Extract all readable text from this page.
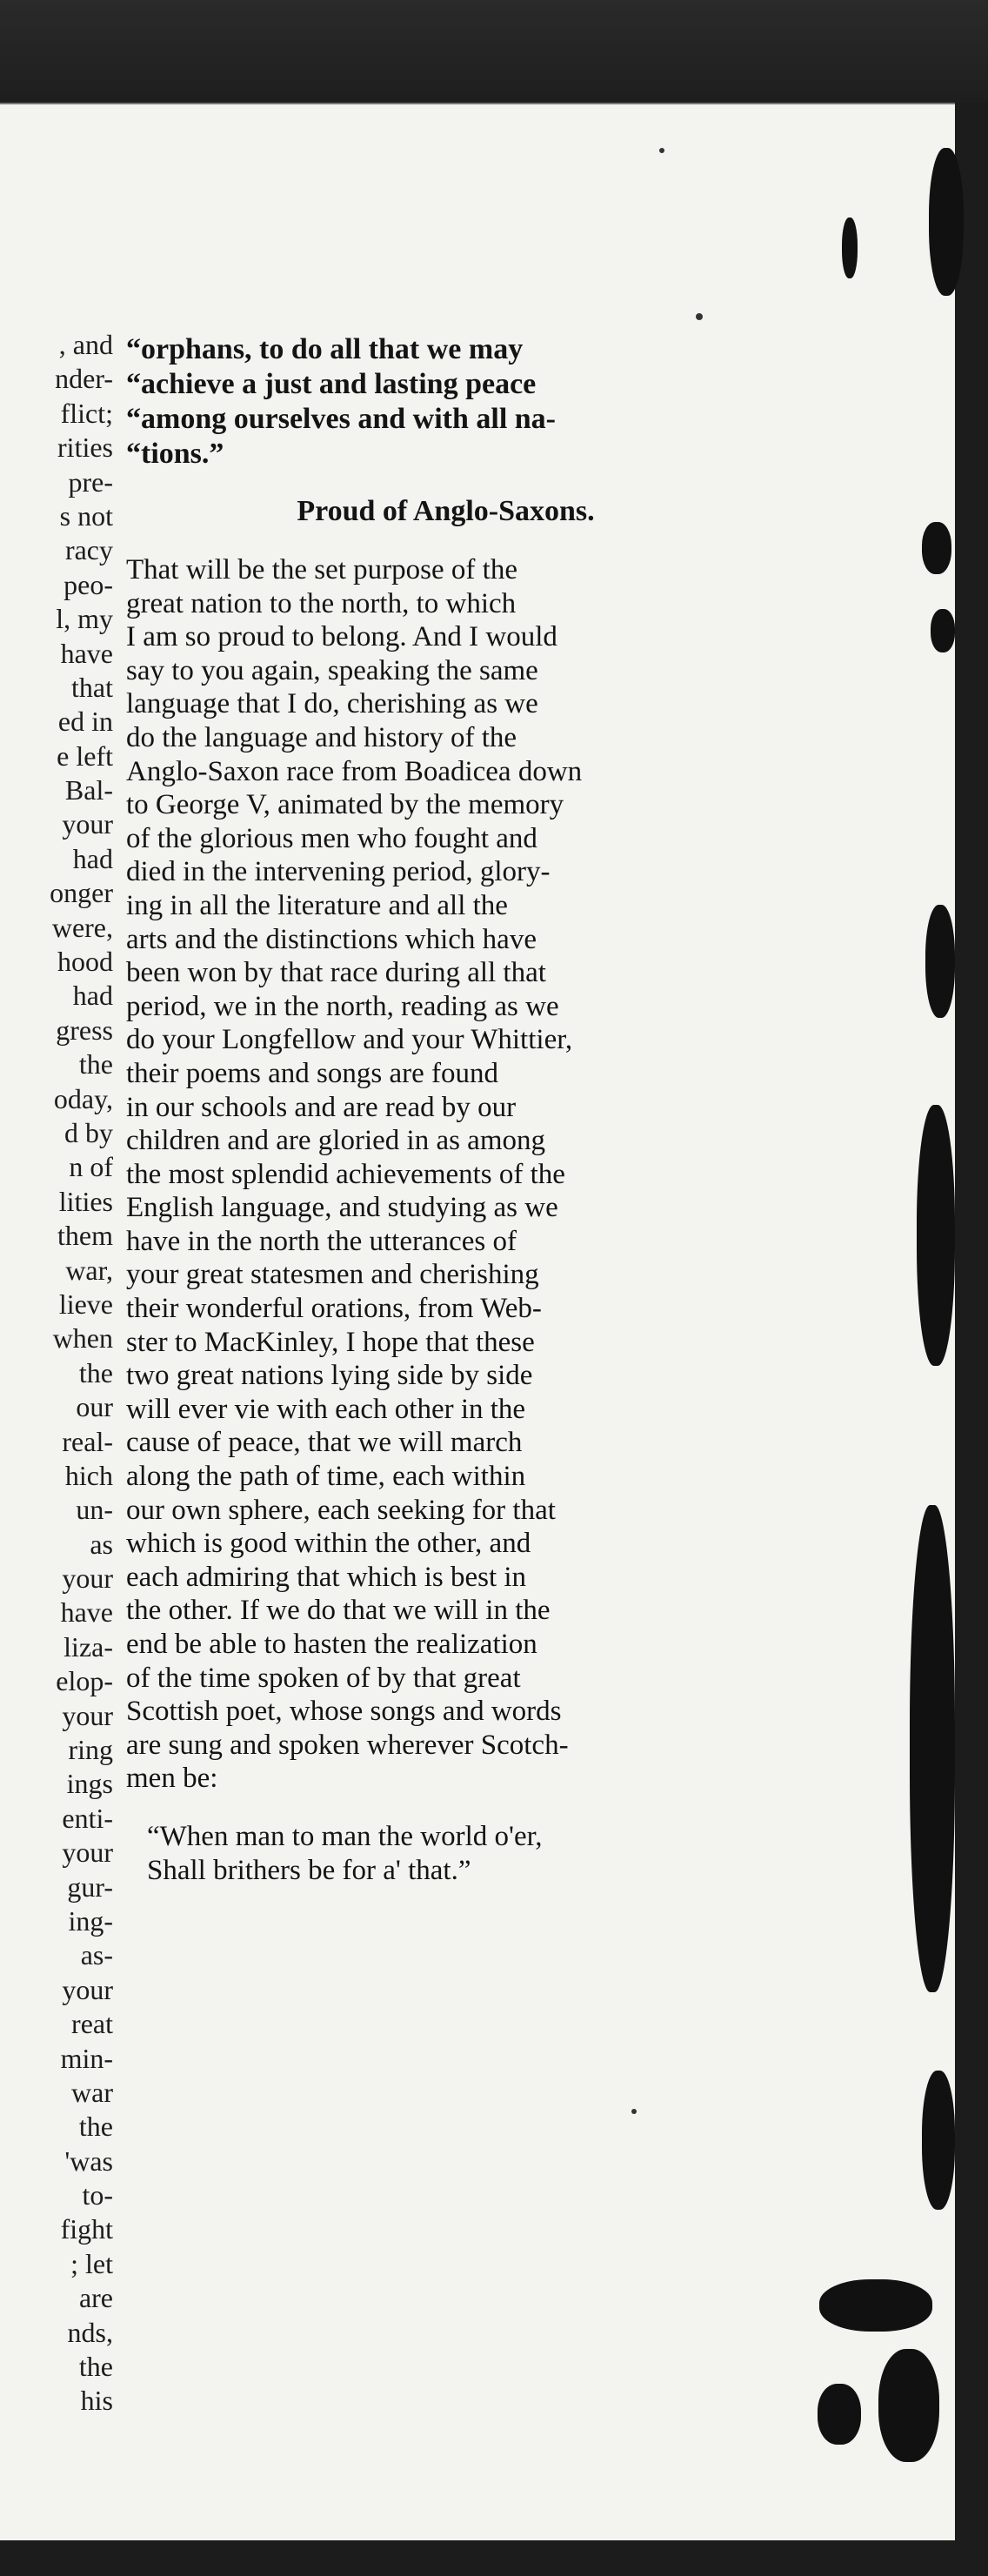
, and
nder-
flict;
rities
pre-
s not
racy
peo-
l, my
have
that
ed in
e left
Bal-
your
had
onger
were,
hood
had
gress
the
oday,
d by
n of
lities
them
war,
lieve
when
the
our
real-
hich
un-
as
your
have
liza-
elop-
your
ring
ings
enti-
your
gur-
ing-
as-
your
reat
min-
war
the
'was
to-
fight
; let
are
nds,
the
his

“orphans, to do all that we may

“achieve a just and lasting peace

“among ourselves and with all na-

“tions.”

Proud of Anglo-Saxons.

That will be the set purpose of the

great nation to the north, to which

I am so proud to belong. And I would

say to you again, speaking the same

language that I do, cherishing as we

do the language and history of the

Anglo-Saxon race from Boadicea down

to George V, animated by the memory

of the glorious men who fought and

died in the intervening period, glory-

ing in all the literature and all the

arts and the distinctions which have

been won by that race during all that

period, we in the north, reading as we

do your Longfellow and your Whittier,

their poems and songs are found

in our schools and are read by our

children and are gloried in as among

the most splendid achievements of the

English language, and studying as we

have in the north the utterances of

your great statesmen and cherishing

their wonderful orations, from Web-

ster to MacKinley, I hope that these

two great nations lying side by side

will ever vie with each other in the

cause of peace, that we will march

along the path of time, each within

our own sphere, each seeking for that

which is good within the other, and

each admiring that which is best in

the other. If we do that we will in the

end be able to hasten the realization

of the time spoken of by that great

Scottish poet, whose songs and words

are sung and spoken wherever Scotch-

men be:

“When man to man the world o'er,

Shall brithers be for a' that.”
